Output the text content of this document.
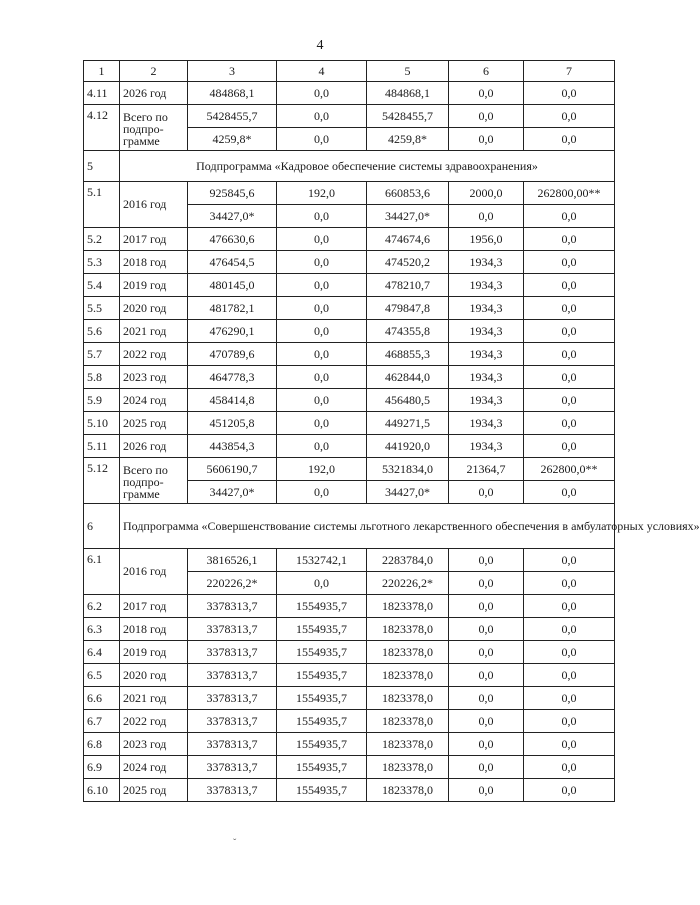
4
1	2	3	4	5	6	7
4.11	2026 год	484868,1	0,0	484868,1	0,0	0,0
4.12	Всего по подпро-грамме	5428455,7	0,0	5428455,7	0,0	0,0
		4259,8*	0,0	4259,8*	0,0	0,0
5	Подпрограмма «Кадровое обеспечение системы здравоохранения»					
5.1	2016 год	925845,6	192,0	660853,6	2000,0	262800,00**
		34427,0*	0,0	34427,0*	0,0	0,0
5.2	2017 год	476630,6	0,0	474674,6	1956,0	0,0
5.3	2018 год	476454,5	0,0	474520,2	1934,3	0,0
5.4	2019 год	480145,0	0,0	478210,7	1934,3	0,0
5.5	2020 год	481782,1	0,0	479847,8	1934,3	0,0
5.6	2021 год	476290,1	0,0	474355,8	1934,3	0,0
5.7	2022 год	470789,6	0,0	468855,3	1934,3	0,0
5.8	2023 год	464778,3	0,0	462844,0	1934,3	0,0
5.9	2024 год	458414,8	0,0	456480,5	1934,3	0,0
5.10	2025 год	451205,8	0,0	449271,5	1934,3	0,0
5.11	2026 год	443854,3	0,0	441920,0	1934,3	0,0
5.12	Всего по подпро-грамме	5606190,7	192,0	5321834,0	21364,7	262800,0**
		34427,0*	0,0	34427,0*	0,0	0,0
6	Подпрограмма «Совершенствование системы льготного лекарственного обеспечения в амбулаторных условиях»					
6.1	2016 год	3816526,1	1532742,1	2283784,0	0,0	0,0
		220226,2*	0,0	220226,2*	0,0	0,0
6.2	2017 год	3378313,7	1554935,7	1823378,0	0,0	0,0
6.3	2018 год	3378313,7	1554935,7	1823378,0	0,0	0,0
6.4	2019 год	3378313,7	1554935,7	1823378,0	0,0	0,0
6.5	2020 год	3378313,7	1554935,7	1823378,0	0,0	0,0
6.6	2021 год	3378313,7	1554935,7	1823378,0	0,0	0,0
6.7	2022 год	3378313,7	1554935,7	1823378,0	0,0	0,0
6.8	2023 год	3378313,7	1554935,7	1823378,0	0,0	0,0
6.9	2024 год	3378313,7	1554935,7	1823378,0	0,0	0,0
6.10	2025 год	3378313,7	1554935,7	1823378,0	0,0	0,0
ˇ
